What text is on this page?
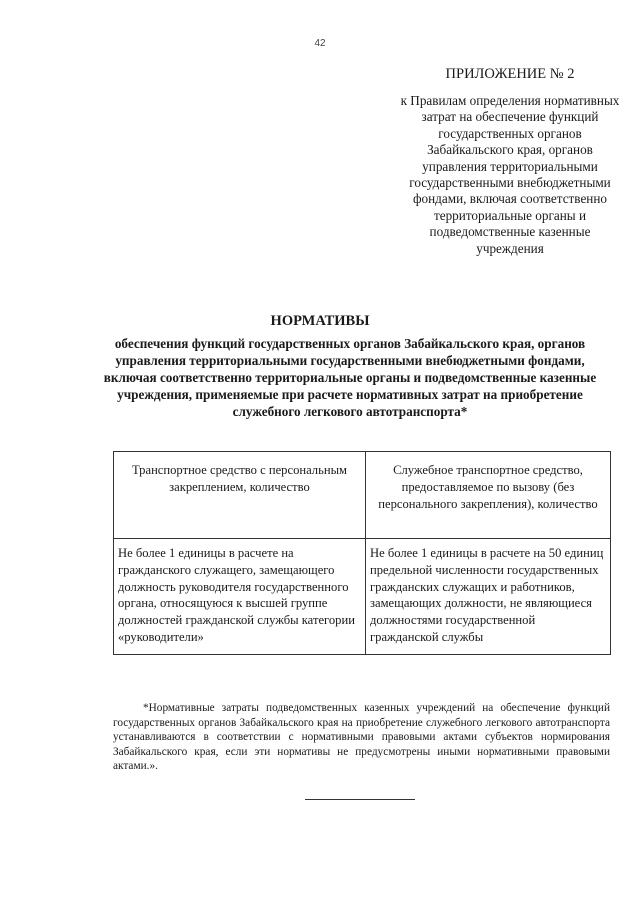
42
ПРИЛОЖЕНИЕ № 2
к Правилам определения нормативных затрат на обеспечение функций государственных органов Забайкальского края, органов управления территориальными государственными внебюджетными фондами, включая соответственно территориальные органы и подведомственные казенные учреждения
НОРМАТИВЫ
обеспечения функций государственных органов Забайкальского края, органов управления территориальными государственными внебюджетными фондами, включая соответственно территориальные органы и подведомственные казенные учреждения, применяемые при расчете нормативных затрат на приобретение служебного легкового автотранспорта*
Транспортное средство с персональным закреплением, количество	Служебное транспортное средство, предоставляемое по вызову (без персонального закрепления), количество
Не более 1 единицы в расчете на гражданского служащего, замещающего должность руководителя государственного органа, относящуюся к высшей группе должностей гражданской службы категории «руководители»	Не более 1 единицы в расчете на 50 единиц предельной численности государственных гражданских служащих и работников, замещающих должности, не являющиеся должностями государственной гражданской службы
*Нормативные затраты подведомственных казенных учреждений на обеспечение функций государственных органов Забайкальского края на приобретение служебного легкового автотранспорта устанавливаются в соответствии с нормативными правовыми актами субъектов нормирования Забайкальского края, если эти нормативы не предусмотрены иными нормативными правовыми актами.».
